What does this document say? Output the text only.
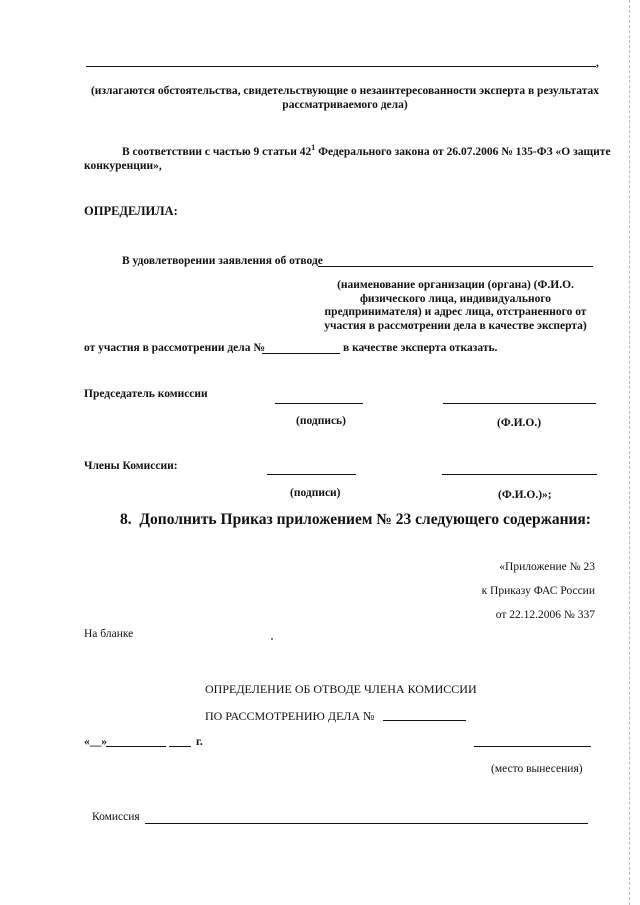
,
(излагаются обстоятельства, свидетельствующие о незаинтересованности эксперта в результатах рассматриваемого дела)
В соответствии с частью 9 статьи $42^1$ Федерального закона от 26.07.2006 № 135-ФЗ «О защите
конкуренции»,
ОПРЕДЕЛИЛА:
В удовлетворении заявления об отводе
(наименование организации (органа) (Ф.И.О. физического лица, индивидуального предпринимателя) и адрес лица, отстраненного от участия в рассмотрении дела в качестве эксперта)
от участия в рассмотрении дела №	в качестве эксперта отказать.
Председатель комиссии
(подпись)	(Ф.И.О.)
Члены Комиссии:
(подписи)	(Ф.И.О.)»;
8. Дополнить Приказ приложением № 23 следующего содержания:
«Приложение № 23
к Приказу ФАС России
от 22.12.2006 № 337
На бланке
ОПРЕДЕЛЕНИЕ ОБ ОТВОДЕ ЧЛЕНА КОМИССИИ
ПО РАССМОТРЕНИЮ ДЕЛА №
«__»	г.
(место вынесения)
Комиссия
